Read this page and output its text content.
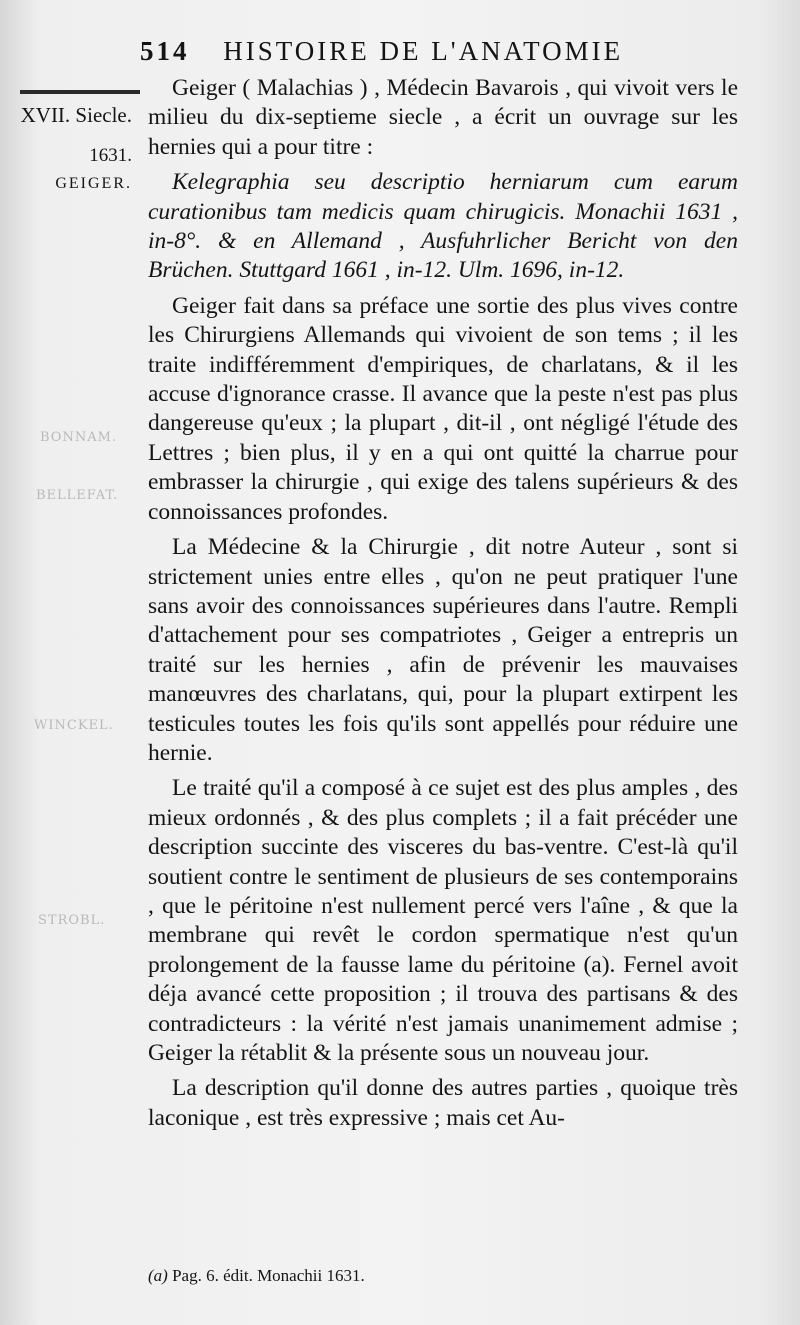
BONNAM.
BELLEFAT.
WINCKEL.
STROBL.
514 HISTOIRE DE L'ANATOMIE
XVII. Siecle.
1631.
GEIGER.

Geiger ( Malachias ) , Médecin Bavarois , qui vivoit vers le milieu du dix-septieme siecle , a écrit un ouvrage sur les hernies qui a pour titre :

Kelegraphia seu descriptio herniarum cum earum curationibus tam medicis quam chirugicis. Monachii 1631 , in-8°. & en Allemand , Ausfuhrlicher Bericht von den Brüchen. Stuttgard 1661 , in-12. Ulm. 1696, in-12.

Geiger fait dans sa préface une sortie des plus vives contre les Chirurgiens Allemands qui vivoient de son tems ; il les traite indifféremment d'empiriques, de charlatans, & il les accuse d'ignorance crasse. Il avance que la peste n'est pas plus dangereuse qu'eux ; la plupart , dit-il , ont négligé l'étude des Lettres ; bien plus, il y en a qui ont quitté la charrue pour embrasser la chirurgie , qui exige des talens supérieurs & des connoissances profondes.

La Médecine & la Chirurgie , dit notre Auteur , sont si strictement unies entre elles , qu'on ne peut pratiquer l'une sans avoir des connoissances supérieures dans l'autre. Rempli d'attachement pour ses compatriotes , Geiger a entrepris un traité sur les hernies , afin de prévenir les mauvaises manœuvres des charlatans, qui, pour la plupart extirpent les testicules toutes les fois qu'ils sont appellés pour réduire une hernie.

Le traité qu'il a composé à ce sujet est des plus amples , des mieux ordonnés , & des plus complets ; il a fait précéder une description succinte des visceres du bas-ventre. C'est-là qu'il soutient contre le sentiment de plusieurs de ses contemporains , que le péritoine n'est nullement percé vers l'aîne , & que la membrane qui revêt le cordon spermatique n'est qu'un prolongement de la fausse lame du péritoine (a). Fernel avoit déja avancé cette proposition ; il trouva des partisans & des contradicteurs : la vérité n'est jamais unanimement admise ; Geiger la rétablit & la présente sous un nouveau jour.

La description qu'il donne des autres parties , quoique très laconique , est très expressive ; mais cet Au-

(a) Pag. 6. édit. Monachii 1631.
